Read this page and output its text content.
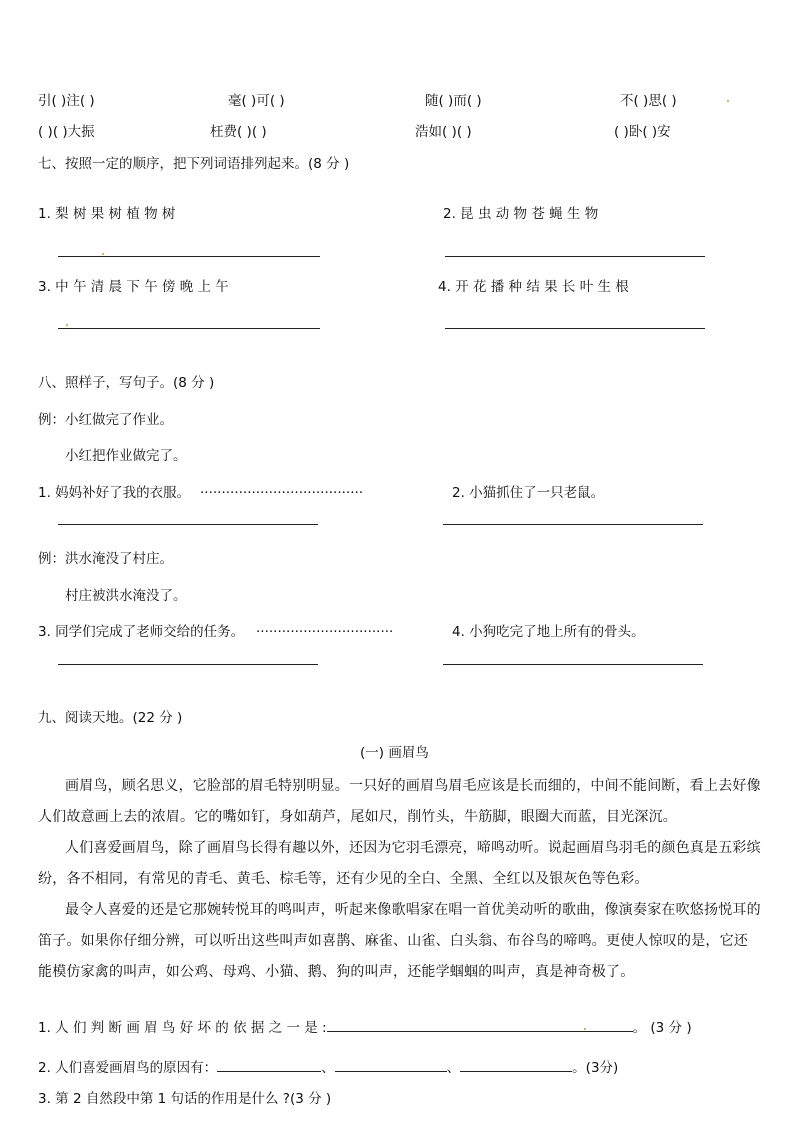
引( )注( )	毫( )可( )	随( )而( )	不( )思( )
( )( )大振	枉费( )( )	浩如( )( )	( )卧( )安
七、按照一定的顺序，把下列词语排列起来。(8 分 )
1. 梨 树 果 树 植 物 树	2. 昆 虫 动 物 苍 蝇 生 物
3. 中 午 清 晨 下 午 傍 晚 上 午	4. 开 花 播 种 结 果 长 叶 生 根
八、照样子，写句子。(8 分 )
例：小红做完了作业。
小红把作业做完了。
1. 妈妈补好了我的衣服。 ......................................	2. 小猫抓住了一只老鼠。
例：洪水淹没了村庄。
村庄被洪水淹没了。
3. 同学们完成了老师交给的任务。 ................................	4. 小狗吃完了地上所有的骨头。
九、阅读天地。(22 分 )
(一) 画眉鸟
画眉鸟，顾名思义，它脸部的眉毛特别明显。一只好的画眉鸟眉毛应该是长而细的，中间不能间断，看上去好像人们故意画上去的浓眉。它的嘴如钉，身如葫芦，尾如尺，削竹头，牛筋脚，眼圈大而蓝，目光深沉。
人们喜爱画眉鸟，除了画眉鸟长得有趣以外，还因为它羽毛漂亮，啼鸣动听。说起画眉鸟羽毛的颜色真是五彩缤纷，各不相同，有常见的青毛、黄毛、棕毛等，还有少见的全白、全黑、全红以及银灰色等色彩。
最令人喜爱的还是它那婉转悦耳的鸣叫声，听起来像歌唱家在唱一首优美动听的歌曲，像演奏家在吹悠扬悦耳的笛子。如果你仔细分辨，可以听出这些叫声如喜鹊、麻雀、山雀、白头翁、布谷鸟的啼鸣。更使人惊叹的是，它还能模仿家禽的叫声，如公鸡、母鸡、小猫、鹅、狗的叫声，还能学蝈蝈的叫声，真是神奇极了。
1. 人 们 判 断 画 眉 鸟 好 坏 的 依 据 之 一 是 :	。 (3 分 )
2. 人们喜爱画眉鸟的原因有：	、	、	。(3分)
3. 第 2 自然段中第 1 句话的作用是什么 ?(3 分 )
